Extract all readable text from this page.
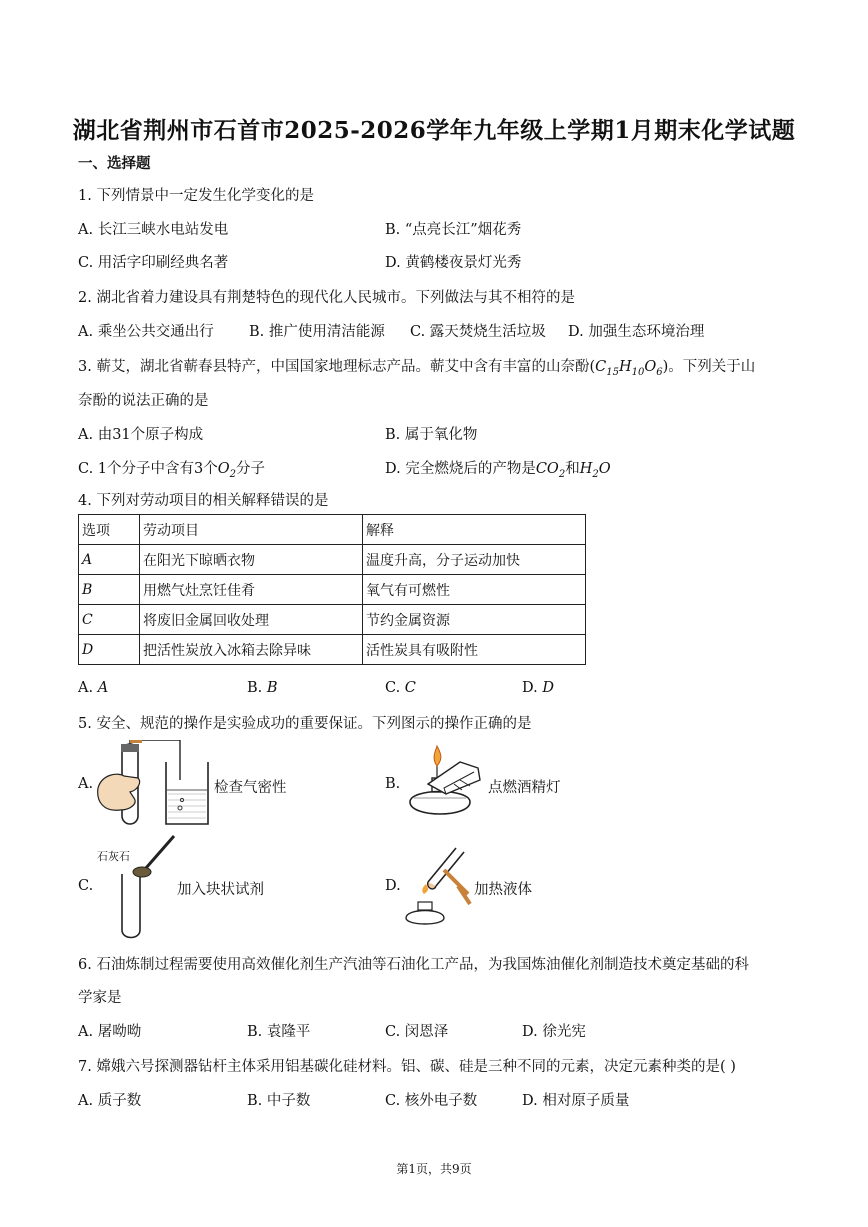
湖北省荆州市石首市2025-2026学年九年级上学期1月期末化学试题
一、选择题
1. 下列情景中一定发生化学变化的是
A. 长江三峡水电站发电	B. “点亮长江”烟花秀
C. 用活字印刷经典名著	D. 黄鹤楼夜景灯光秀
2. 湖北省着力建设具有荆楚特色的现代化人民城市。下列做法与其不相符的是
A. 乘坐公共交通出行 B. 推广使用清洁能源 C. 露天焚烧生活垃圾 D. 加强生态环境治理
3. 蕲艾，湖北省蕲春县特产，中国国家地理标志产品。蕲艾中含有丰富的山奈酚$(C_{15}H_{10}O_6)$。下列关于山
奈酚的说法正确的是
A. 由31个原子构成	B. 属于氧化物
C. 1个分子中含有3个$O_2$分子	D. 完全燃烧后的产物是$CO_2$和$H_2O$
4. 下列对劳动项目的相关解释错误的是
选项	劳动项目	解释
A	在阳光下晾晒衣物	温度升高，分子运动加快
B	用燃气灶烹饪佳肴	氧气有可燃性
C	将废旧金属回收处理	节约金属资源
D	把活性炭放入冰箱去除异味	活性炭具有吸附性
A. A	B. B	C. C	D. D
5. 安全、规范的操作是实验成功的重要保证。下列图示的操作正确的是
A.	检查气密性	B.	点燃酒精灯
石灰石
C.	加入块状试剂	D.	加热液体
6. 石油炼制过程需要使用高效催化剂生产汽油等石油化工产品，为我国炼油催化剂制造技术奠定基础的科
学家是
A. 屠呦呦	B. 袁隆平	C. 闵恩泽	D. 徐光宪
7. 嫦娥六号探测器钻杆主体采用铝基碳化硅材料。铝、碳、硅是三种不同的元素，决定元素种类的是( )
A. 质子数	B. 中子数	C. 核外电子数	D. 相对原子质量
第1页，共9页
